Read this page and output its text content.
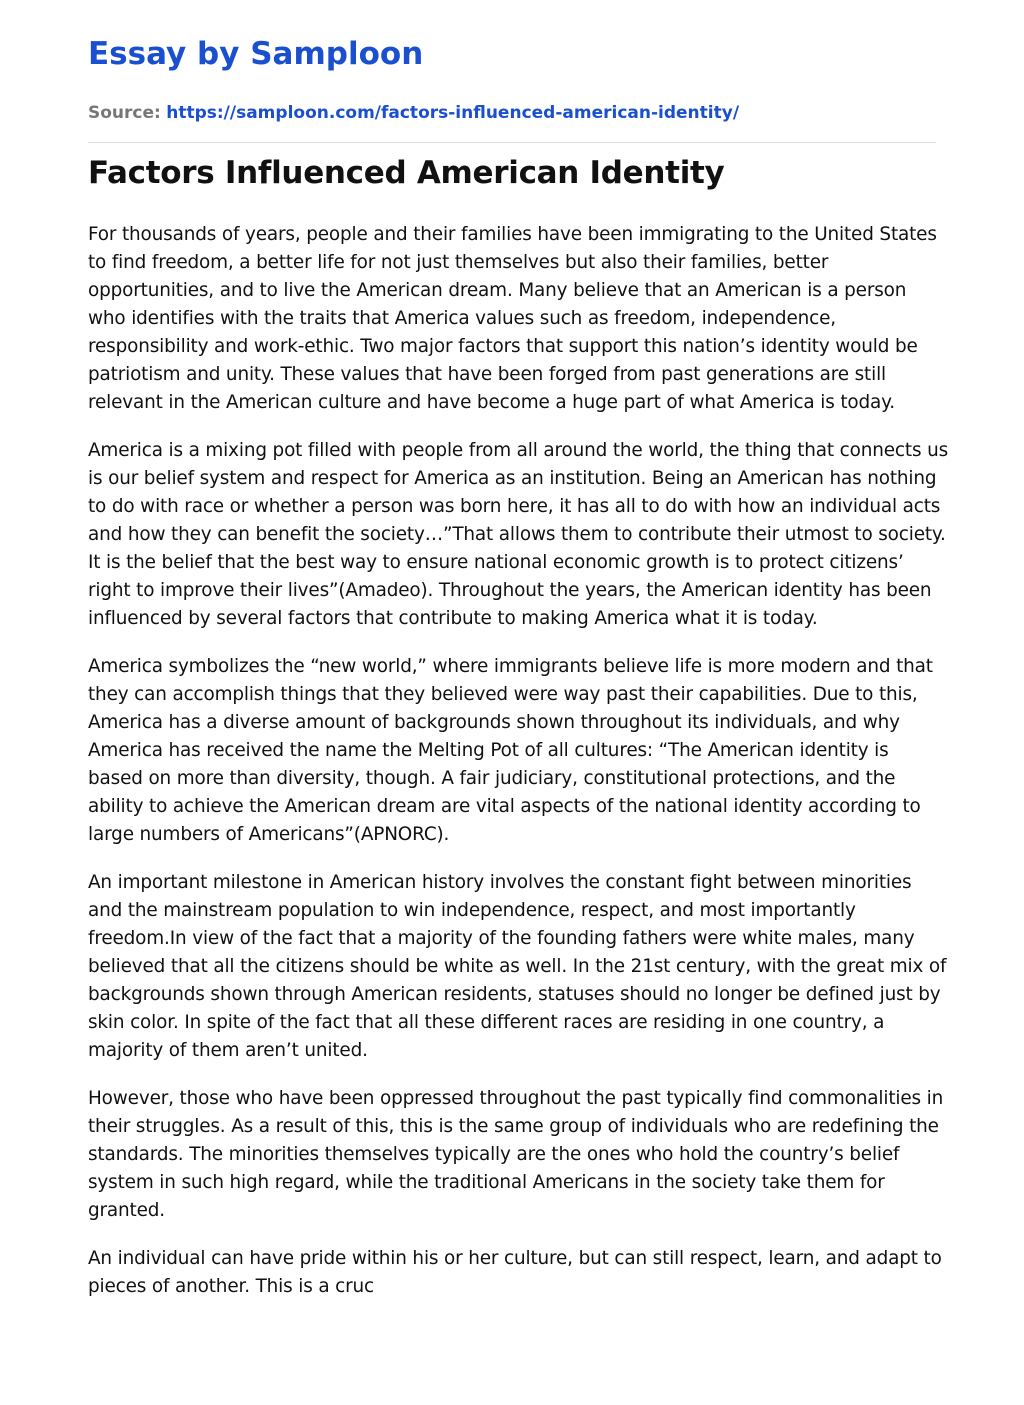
Essay by Samploon
Source: https://samploon.com/factors-influenced-american-identity/
Factors Influenced American Identity

For thousands of years, people and their families have been immigrating to the United States to find freedom, a better life for not just themselves but also their families, better opportunities, and to live the American dream. Many believe that an American is a person who identifies with the traits that America values such as freedom, independence, responsibility and work-ethic. Two major factors that support this nation’s identity would be patriotism and unity. These values that have been forged from past generations are still relevant in the American culture and have become a huge part of what America is today.

America is a mixing pot filled with people from all around the world, the thing that connects us is our belief system and respect for America as an institution. Being an American has nothing to do with race or whether a person was born here, it has all to do with how an individual acts and how they can benefit the society…”That allows them to contribute their utmost to society. It is the belief that the best way to ensure national economic growth is to protect citizens’ right to improve their lives”(Amadeo). Throughout the years, the American identity has been influenced by several factors that contribute to making America what it is today.

America symbolizes the “new world,” where immigrants believe life is more modern and that they can accomplish things that they believed were way past their capabilities. Due to this, America has a diverse amount of backgrounds shown throughout its individuals, and why America has received the name the Melting Pot of all cultures: “The American identity is based on more than diversity, though. A fair judiciary, constitutional protections, and the ability to achieve the American dream are vital aspects of the national identity according to large numbers of Americans”(APNORC).

An important milestone in American history involves the constant fight between minorities and the mainstream population to win independence, respect, and most importantly freedom.In view of the fact that a majority of the founding fathers were white males, many believed that all the citizens should be white as well. In the 21st century, with the great mix of backgrounds shown through American residents, statuses should no longer be defined just by skin color. In spite of the fact that all these different races are residing in one country, a majority of them aren’t united.

However, those who have been oppressed throughout the past typically find commonalities in their struggles. As a result of this, this is the same group of individuals who are redefining the standards. The minorities themselves typically are the ones who hold the country’s belief system in such high regard, while the traditional Americans in the society take them for granted.

An individual can have pride within his or her culture, but can still respect, learn, and adapt to pieces of another. This is a cruc
